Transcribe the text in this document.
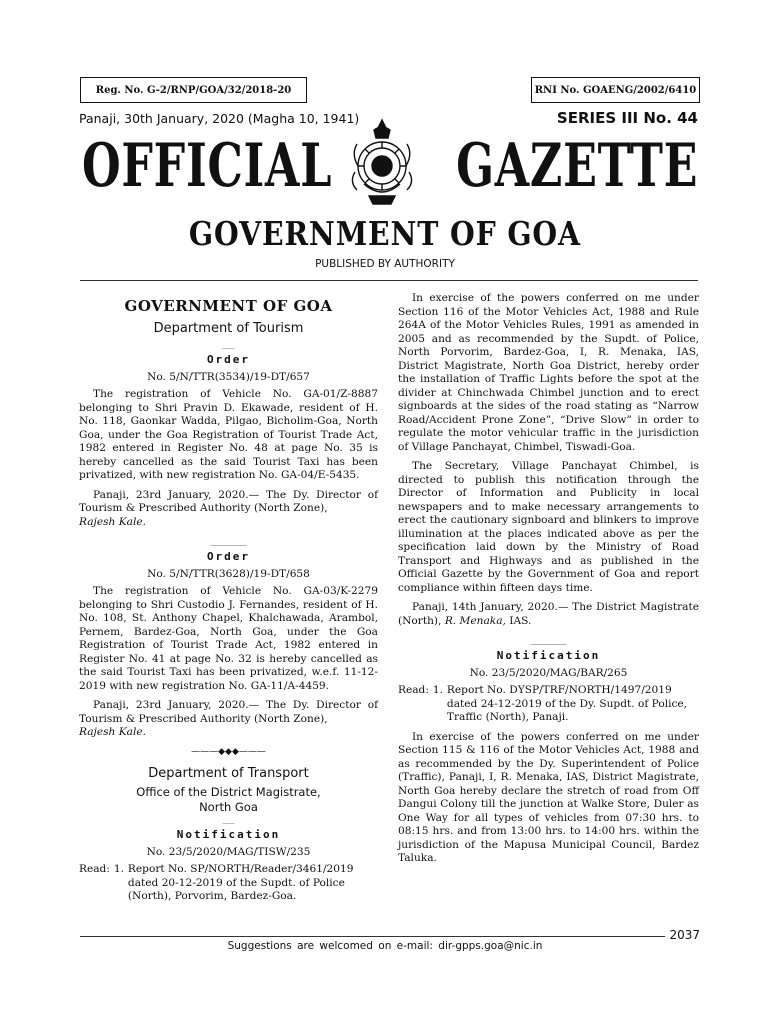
Reg. No. G-2/RNP/GOA/32/2018-20	RNI No. GOAENG/2002/6410
Panaji, 30th January, 2020 (Magha 10, 1941)	SERIES III No. 44
OFFICIAL GAZETTE
GOVERNMENT OF GOA
PUBLISHED BY AUTHORITY
GOVERNMENT OF GOA
Department of Tourism
___
Order
No. 5/N/TTR(3534)/19-DT/657

The registration of Vehicle No. GA-01/Z-8887 belonging to Shri Pravin D. Ekawade, resident of H. No. 118, Gaonkar Wadda, Pilgao, Bicholim-Goa, North Goa, under the Goa Registration of Tourist Trade Act, 1982 entered in Register No. 48 at page No. 35 is hereby cancelled as the said Tourist Taxi has been privatized, with new registration No. GA-04/E-5435.

Panaji, 23rd January, 2020.— The Dy. Director of Tourism & Prescribed Authority (North Zone),
Rajesh Kale.

________
Order
No. 5/N/TTR(3628)/19-DT/658

The registration of Vehicle No. GA-03/K-2279 belonging to Shri Custodio J. Fernandes, resident of H. No. 108, St. Anthony Chapel, Khalchawada, Arambol, Pernem, Bardez-Goa, North Goa, under the Goa Registration of Tourist Trade Act, 1982 entered in Register No. 41 at page No. 32 is hereby cancelled as the said Tourist Taxi has been privatized, w.e.f. 11-12-2019 with new registration No. GA-11/A-4459.

Panaji, 23rd January, 2020.— The Dy. Director of Tourism & Prescribed Authority (North Zone),
Rajesh Kale.

———◆◆◆———
Department of Transport
Office of the District Magistrate,
North Goa
___
Notification
No. 23/5/2020/MAG/TISW/235
Read: 1. Report No. SP/NORTH/Reader/3461/2019

dated 20-12-2019 of the Supdt. of Police (North), Porvorim, Bardez-Goa.

In exercise of the powers conferred on me under Section 116 of the Motor Vehicles Act, 1988 and Rule 264A of the Motor Vehicles Rules, 1991 as amended in 2005 and as recommended by the Supdt. of Police, North Porvorim, Bardez-Goa, I, R. Menaka, IAS, District Magistrate, North Goa District, hereby order the installation of Traffic Lights before the spot at the divider at Chinchwada Chimbel junction and to erect signboards at the sides of the road stating as “Narrow Road/Accident Prone Zone”, “Drive Slow” in order to regulate the motor vehicular traffic in the jurisdiction of Village Panchayat, Chimbel, Tiswadi-Goa.

The Secretary, Village Panchayat Chimbel, is directed to publish this notification through the Director of Information and Publicity in local newspapers and to make necessary arrangements to erect the cautionary signboard and blinkers to improve illumination at the places indicated above as per the specification laid down by the Ministry of Road Transport and Highways and as published in the Official Gazette by the Government of Goa and report compliance within fifteen days time.

Panaji, 14th January, 2020.— The District Magistrate (North), R. Menaka, IAS.

________
Notification
No. 23/5/2020/MAG/BAR/265
Read: 1. Report No. DYSP/TRF/NORTH/1497/2019

dated 24-12-2019 of the Dy. Supdt. of Police, Traffic (North), Panaji.

In exercise of the powers conferred on me under Section 115 & 116 of the Motor Vehicles Act, 1988 and as recommended by the Dy. Superintendent of Police (Traffic), Panaji, I, R. Menaka, IAS, District Magistrate, North Goa hereby declare the stretch of road from Off Dangui Colony till the junction at Walke Store, Duler as One Way for all types of vehicles from 07:30 hrs. to 08:15 hrs. and from 13:00 hrs. to 14:00 hrs. within the jurisdiction of the Mapusa Municipal Council, Bardez Taluka.

2037
Suggestions are welcomed on e-mail: dir-gpps.goa@nic.in
